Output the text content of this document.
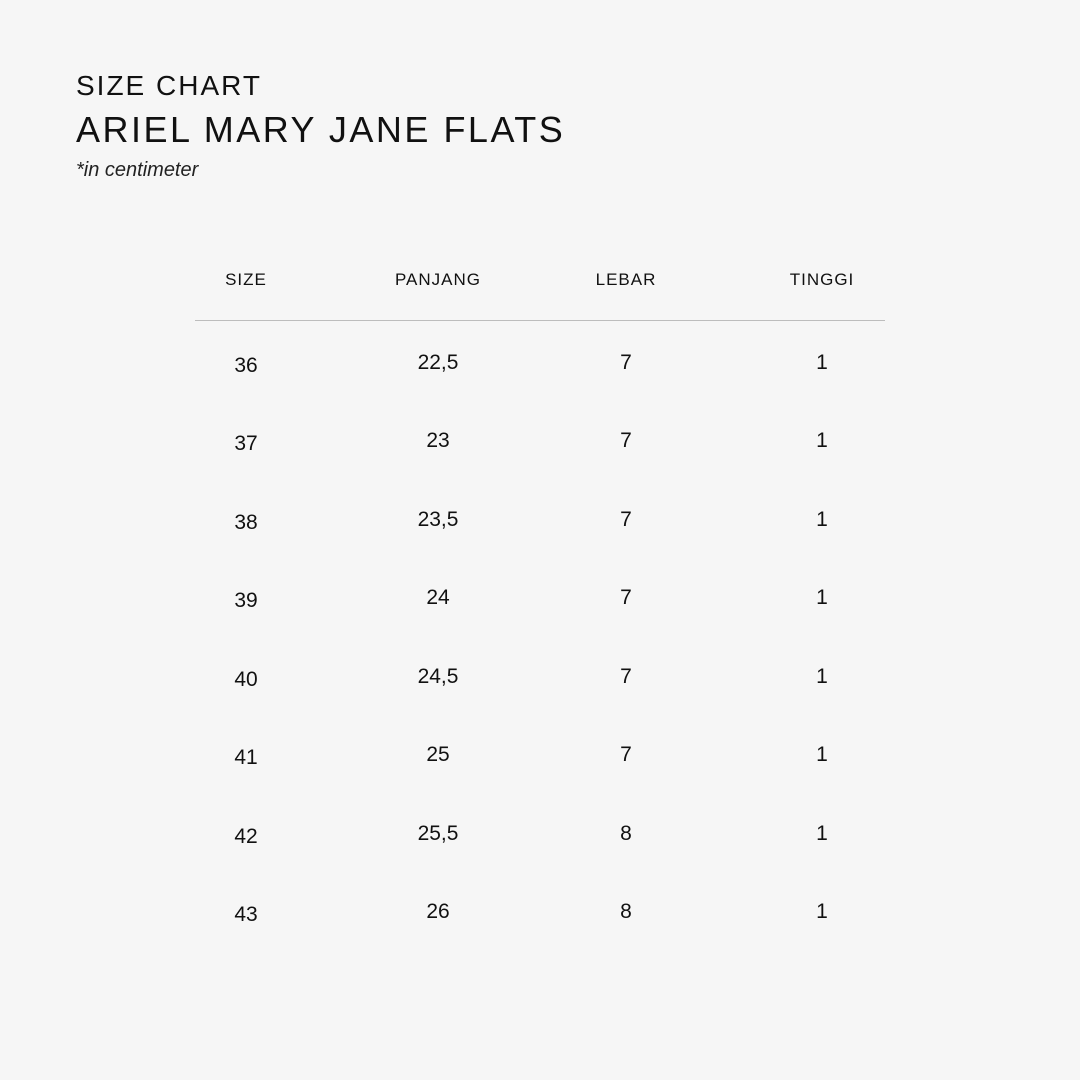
SIZE CHART
ARIEL MARY JANE FLATS
*in centimeter
SIZE	PANJANG	LEBAR	TINGGI
36	22,5	7	1
37	23	7	1
38	23,5	7	1
39	24	7	1
40	24,5	7	1
41	25	7	1
42	25,5	8	1
43	26	8	1
